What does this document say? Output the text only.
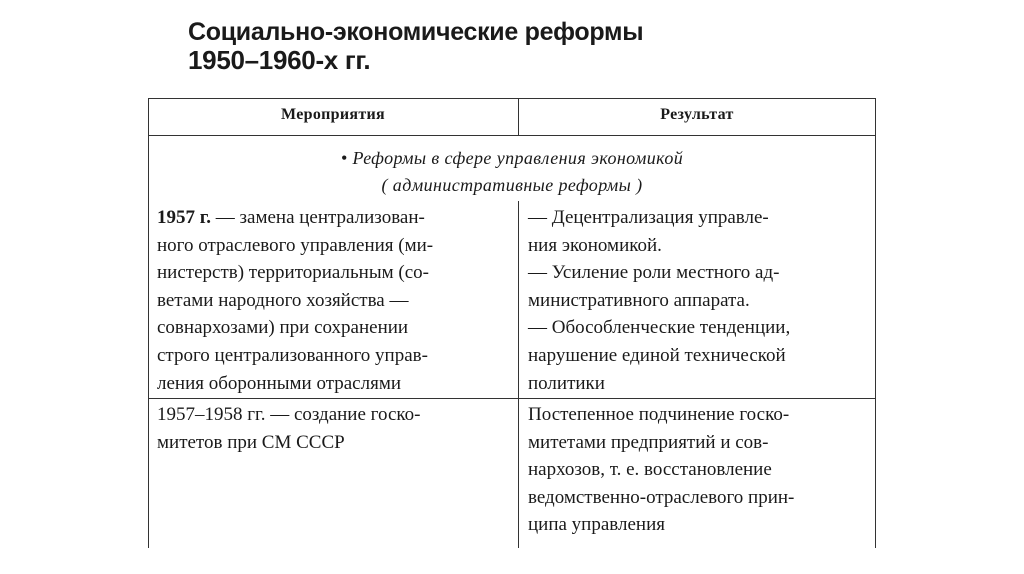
Социально-экономические реформы
1950–1960-х гг.
Мероприятия	Результат
• Реформы в сфере управления экономикой
( административные реформы )
1957 г. — замена централизован-
ного отраслевого управления (ми-
нистерств) территориальным (со-
ветами народного хозяйства —
совнархозами) при сохранении
строго централизованного управ-
ления оборонными отраслями
— Децентрализация управле-
ния экономикой.
— Усиление роли местного ад-
министративного аппарата.
— Обособленческие тенденции,
нарушение единой технической
политики
1957–1958 гг. — создание госко-
митетов при СМ СССР
Постепенное подчинение госко-
митетами предприятий и сов-
нархозов, т. е. восстановление
ведомственно-отраслевого прин-
ципа управления
